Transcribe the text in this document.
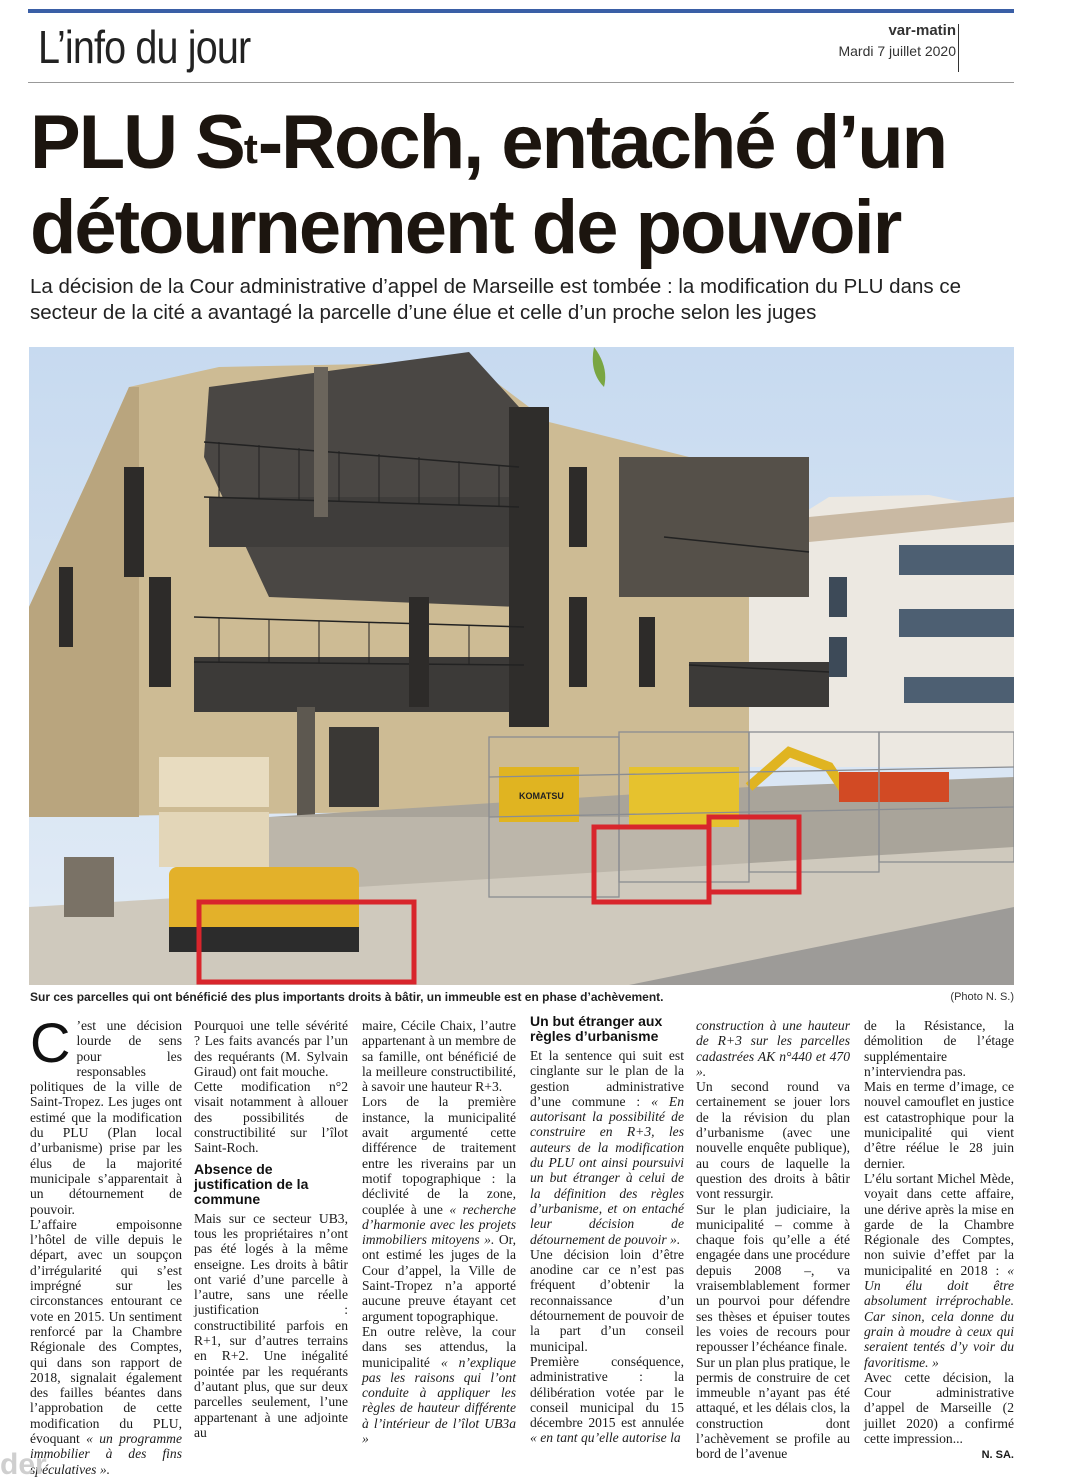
L’info du jour	var-matin
Mardi 7 juillet 2020
PLU $S^t$-Roch, entaché d’un
détournement de pouvoir

La décision de la Cour administrative d’appel de Marseille est tombée : la modification du PLU dans ce secteur de la cité a avantagé la parcelle d’une élue et celle d’un proche selon les juges

KOMATSU
Sur ces parcelles qui ont bénéficié des plus importants droits à bâtir, un immeuble est en phase d’achèvement.	(Photo N. S.)

C ’est une décision lourde de sens pour les responsables politiques de la ville de Saint-Tropez. Les juges ont estimé que la modification du PLU (Plan local d’urbanisme) prise par les élus de la majorité municipale s’apparentait à un détournement de pouvoir.

L’affaire empoisonne l’hôtel de ville depuis le départ, avec un soupçon d’irrégularité qui s’est imprégné sur les circonstances entourant ce vote en 2015. Un sentiment renforcé par la Chambre Régionale des Comptes, qui dans son rapport de 2018, signalait également des failles béantes dans l’approbation de cette modification du PLU, évoquant « un programme immobilier à des fins spéculatives ».

Pourquoi une telle sévérité ? Les faits avancés par l’un des requérants (M. Sylvain Giraud) ont fait mouche.

Cette modification n°2 visait notamment à allouer des possibilités de constructibilité sur l’îlot Saint-Roch.

Absence de justification de la commune

Mais sur ce secteur UB3, tous les propriétaires n’ont pas été logés à la même enseigne. Les droits à bâtir ont varié d’une parcelle à l’autre, sans une réelle justification : constructibilité parfois en R+1, sur d’autres terrains en R+2. Une inégalité pointée par les requérants d’autant plus, que sur deux parcelles seulement, l’une appartenant à une adjointe au

maire, Cécile Chaix, l’autre appartenant à un membre de sa famille, ont bénéficié de la meilleure constructibilité, à savoir une hauteur R+3.

Lors de la première instance, la municipalité avait argumenté cette différence de traitement entre les riverains par un motif topographique : la déclivité de la zone, couplée à une « recherche d’harmonie avec les projets immobiliers mitoyens ». Or, ont estimé les juges de la Cour d’appel, la Ville de Saint-Tropez n’a apporté aucune preuve étayant cet argument topographique.

En outre relève, la cour dans ses attendus, la municipalité « n’explique pas les raisons qui l’ont conduite à appliquer les règles de hauteur différente à l’intérieur de l’îlot UB3a »

Un but étranger aux règles d’urbanisme

Et la sentence qui suit est cinglante sur le plan de la gestion administrative d’une commune : « En autorisant la possibilité de construire en R+3, les auteurs de la modification du PLU ont ainsi poursuivi un but étranger à celui de la définition des règles d’urbanisme, et on entaché leur décision de détournement de pouvoir ».

Une décision loin d’être anodine car ce n’est pas fréquent d’obtenir la reconnaissance d’un détournement de pouvoir de la part d’un conseil municipal.

Première conséquence, administrative : la délibération votée par le conseil municipal du 15 décembre 2015 est annulée « en tant qu’elle autorise la

construction à une hauteur de R+3 sur les parcelles cadastrées AK n°440 et 470 ».

Un second round va certainement se jouer lors de la révision du plan d’urbanisme (avec une nouvelle enquête publique), au cours de laquelle la question des droits à bâtir vont ressurgir.

Sur le plan judiciaire, la municipalité – comme à chaque fois qu’elle a été engagée dans une procédure depuis 2008 –, va vraisemblablement former un pourvoi pour défendre ses thèses et épuiser toutes les voies de recours pour repousser l’échéance finale.

Sur un plan plus pratique, le permis de construire de cet immeuble n’ayant pas été attaqué, et les délais clos, la construction dont l’achèvement se profile au bord de l’avenue

de la Résistance, la démolition de l’étage supplémentaire n’interviendra pas.

Mais en terme d’image, ce nouvel camouflet en justice est catastrophique pour la municipalité qui vient d’être réélue le 28 juin dernier.

L’élu sortant Michel Mède, voyait dans cette affaire, une dérive après la mise en garde de la Chambre Régionale des Comptes, non suivie d’effet par la municipalité en 2018 : « Un élu doit être absolument irréprochable. Car sinon, cela donne du grain à moudre à ceux qui seraient tentés d’y voir du favoritisme. »

Avec cette décision, la Cour administrative d’appel de Marseille (2 juillet 2020) a confirmé cette impression...

N. SA.
der
